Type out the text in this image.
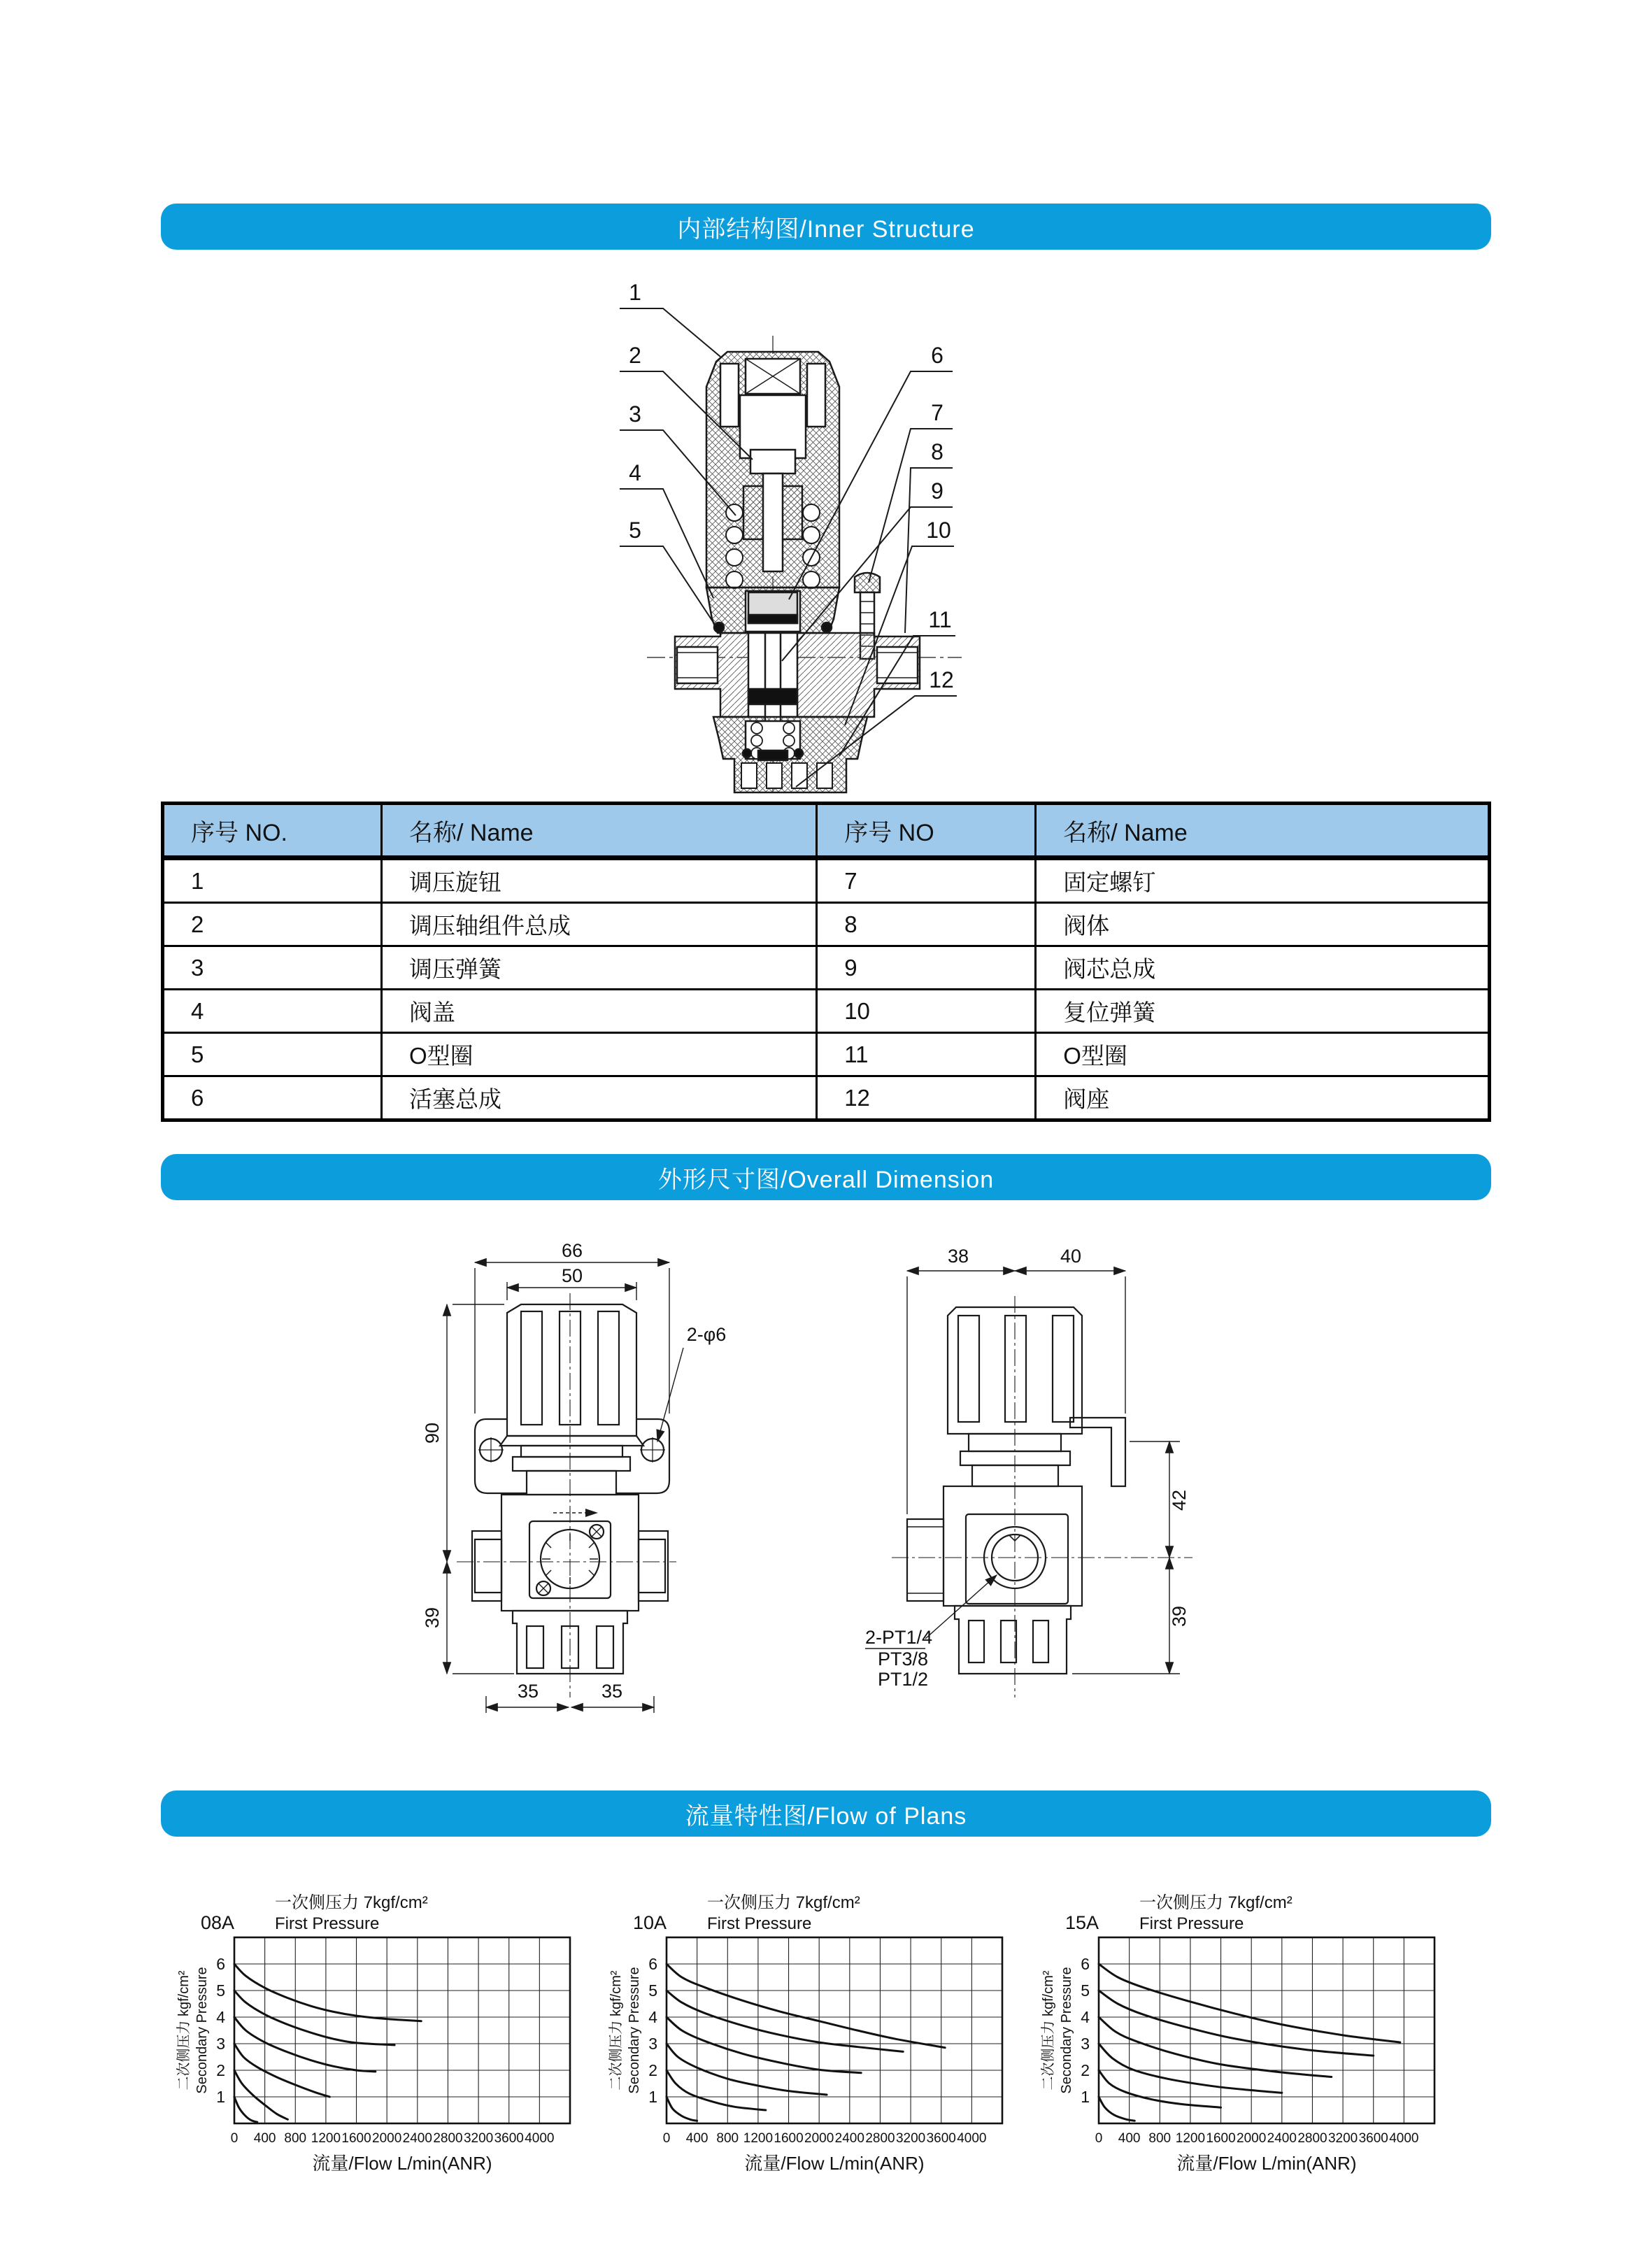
内部结构图/Inner Structure
1
2
3
4
5
6
7
8
9
10
11
12
序号 NO.	名称/ Name	序号 NO	名称/ Name
1	调压旋钮	7	固定螺钉
2	调压轴组件总成	8	阀体
3	调压弹簧	9	阀芯总成
4	阀盖	10	复位弹簧
5	O型圈	11	O型圈
6	活塞总成	12	阀座
外形尺寸图/Overall Dimension
66
50
90
39
35	35
2-φ6
38	40
42
39
2-PT1/4
PT3/8
PT1/2
流量特性图/Flow of Plans
0 400 800 1200 1600 2000 2400 2800 3200 3600 4000
1
2
3
4
5
6
08A
一次侧压力 7kgf/cm²
First Pressure
二次侧压力 kgf/cm² Secondary Pressure
流量/Flow L/min(ANR)
0 400 800 1200 1600 2000 2400 2800 3200 3600 4000
1
2
3
4
5
6
10A
一次侧压力 7kgf/cm²
First Pressure
二次侧压力 kgf/cm² Secondary Pressure
流量/Flow L/min(ANR)
0 400 800 1200 1600 2000 2400 2800 3200 3600 4000
1
2
3
4
5
6
15A
一次侧压力 7kgf/cm²
First Pressure
二次侧压力 kgf/cm² Secondary Pressure
流量/Flow L/min(ANR)
